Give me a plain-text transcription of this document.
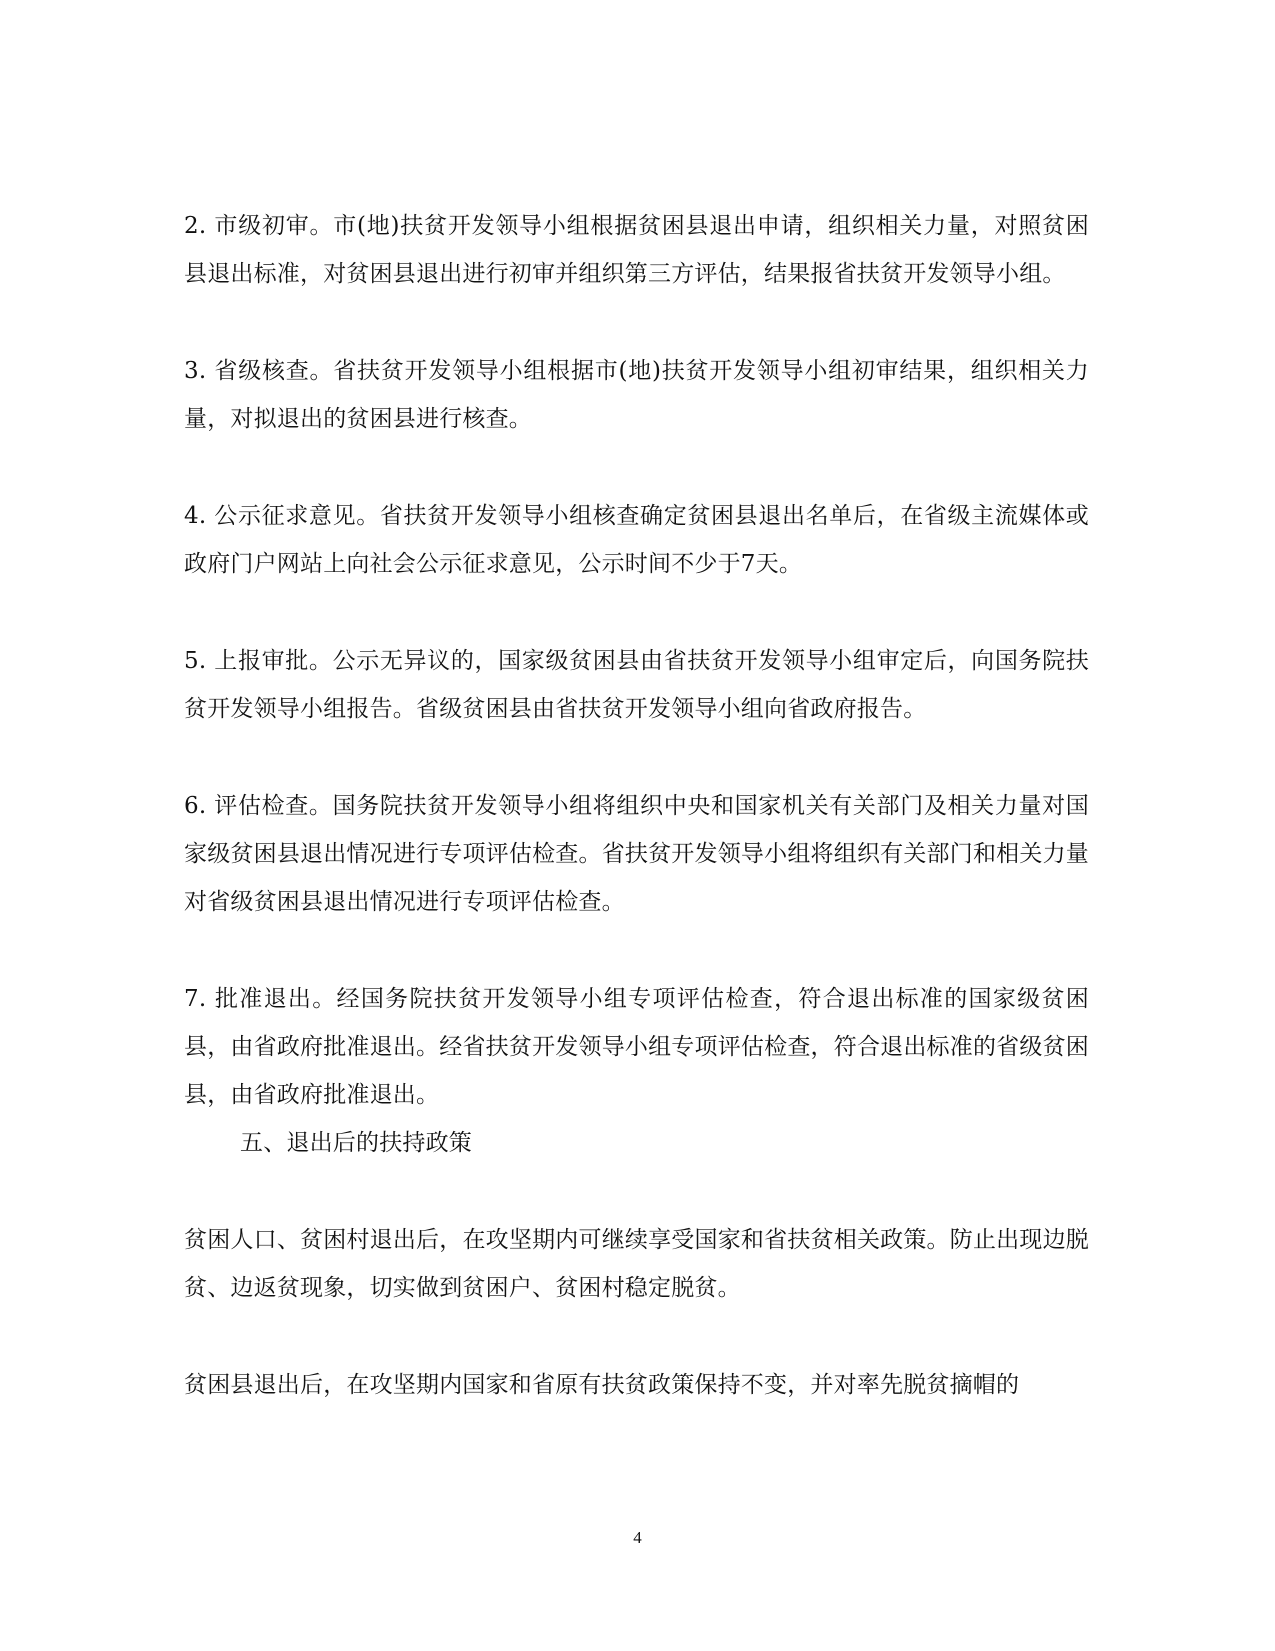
2. 市级初审。市(地)扶贫开发领导小组根据贫困县退出申请，组织相关力量，对照贫困县退出标准，对贫困县退出进行初审并组织第三方评估，结果报省扶贫开发领导小组。

3. 省级核查。省扶贫开发领导小组根据市(地)扶贫开发领导小组初审结果，组织相关力量，对拟退出的贫困县进行核查。

4. 公示征求意见。省扶贫开发领导小组核查确定贫困县退出名单后，在省级主流媒体或政府门户网站上向社会公示征求意见，公示时间不少于7天。

5. 上报审批。公示无异议的，国家级贫困县由省扶贫开发领导小组审定后，向国务院扶贫开发领导小组报告。省级贫困县由省扶贫开发领导小组向省政府报告。

6. 评估检查。国务院扶贫开发领导小组将组织中央和国家机关有关部门及相关力量对国家级贫困县退出情况进行专项评估检查。省扶贫开发领导小组将组织有关部门和相关力量对省级贫困县退出情况进行专项评估检查。

7. 批准退出。经国务院扶贫开发领导小组专项评估检查，符合退出标准的国家级贫困县，由省政府批准退出。经省扶贫开发领导小组专项评估检查，符合退出标准的省级贫困县，由省政府批准退出。

五、退出后的扶持政策

贫困人口、贫困村退出后，在攻坚期内可继续享受国家和省扶贫相关政策。防止出现边脱贫、边返贫现象，切实做到贫困户、贫困村稳定脱贫。

贫困县退出后，在攻坚期内国家和省原有扶贫政策保持不变，并对率先脱贫摘帽的

4
